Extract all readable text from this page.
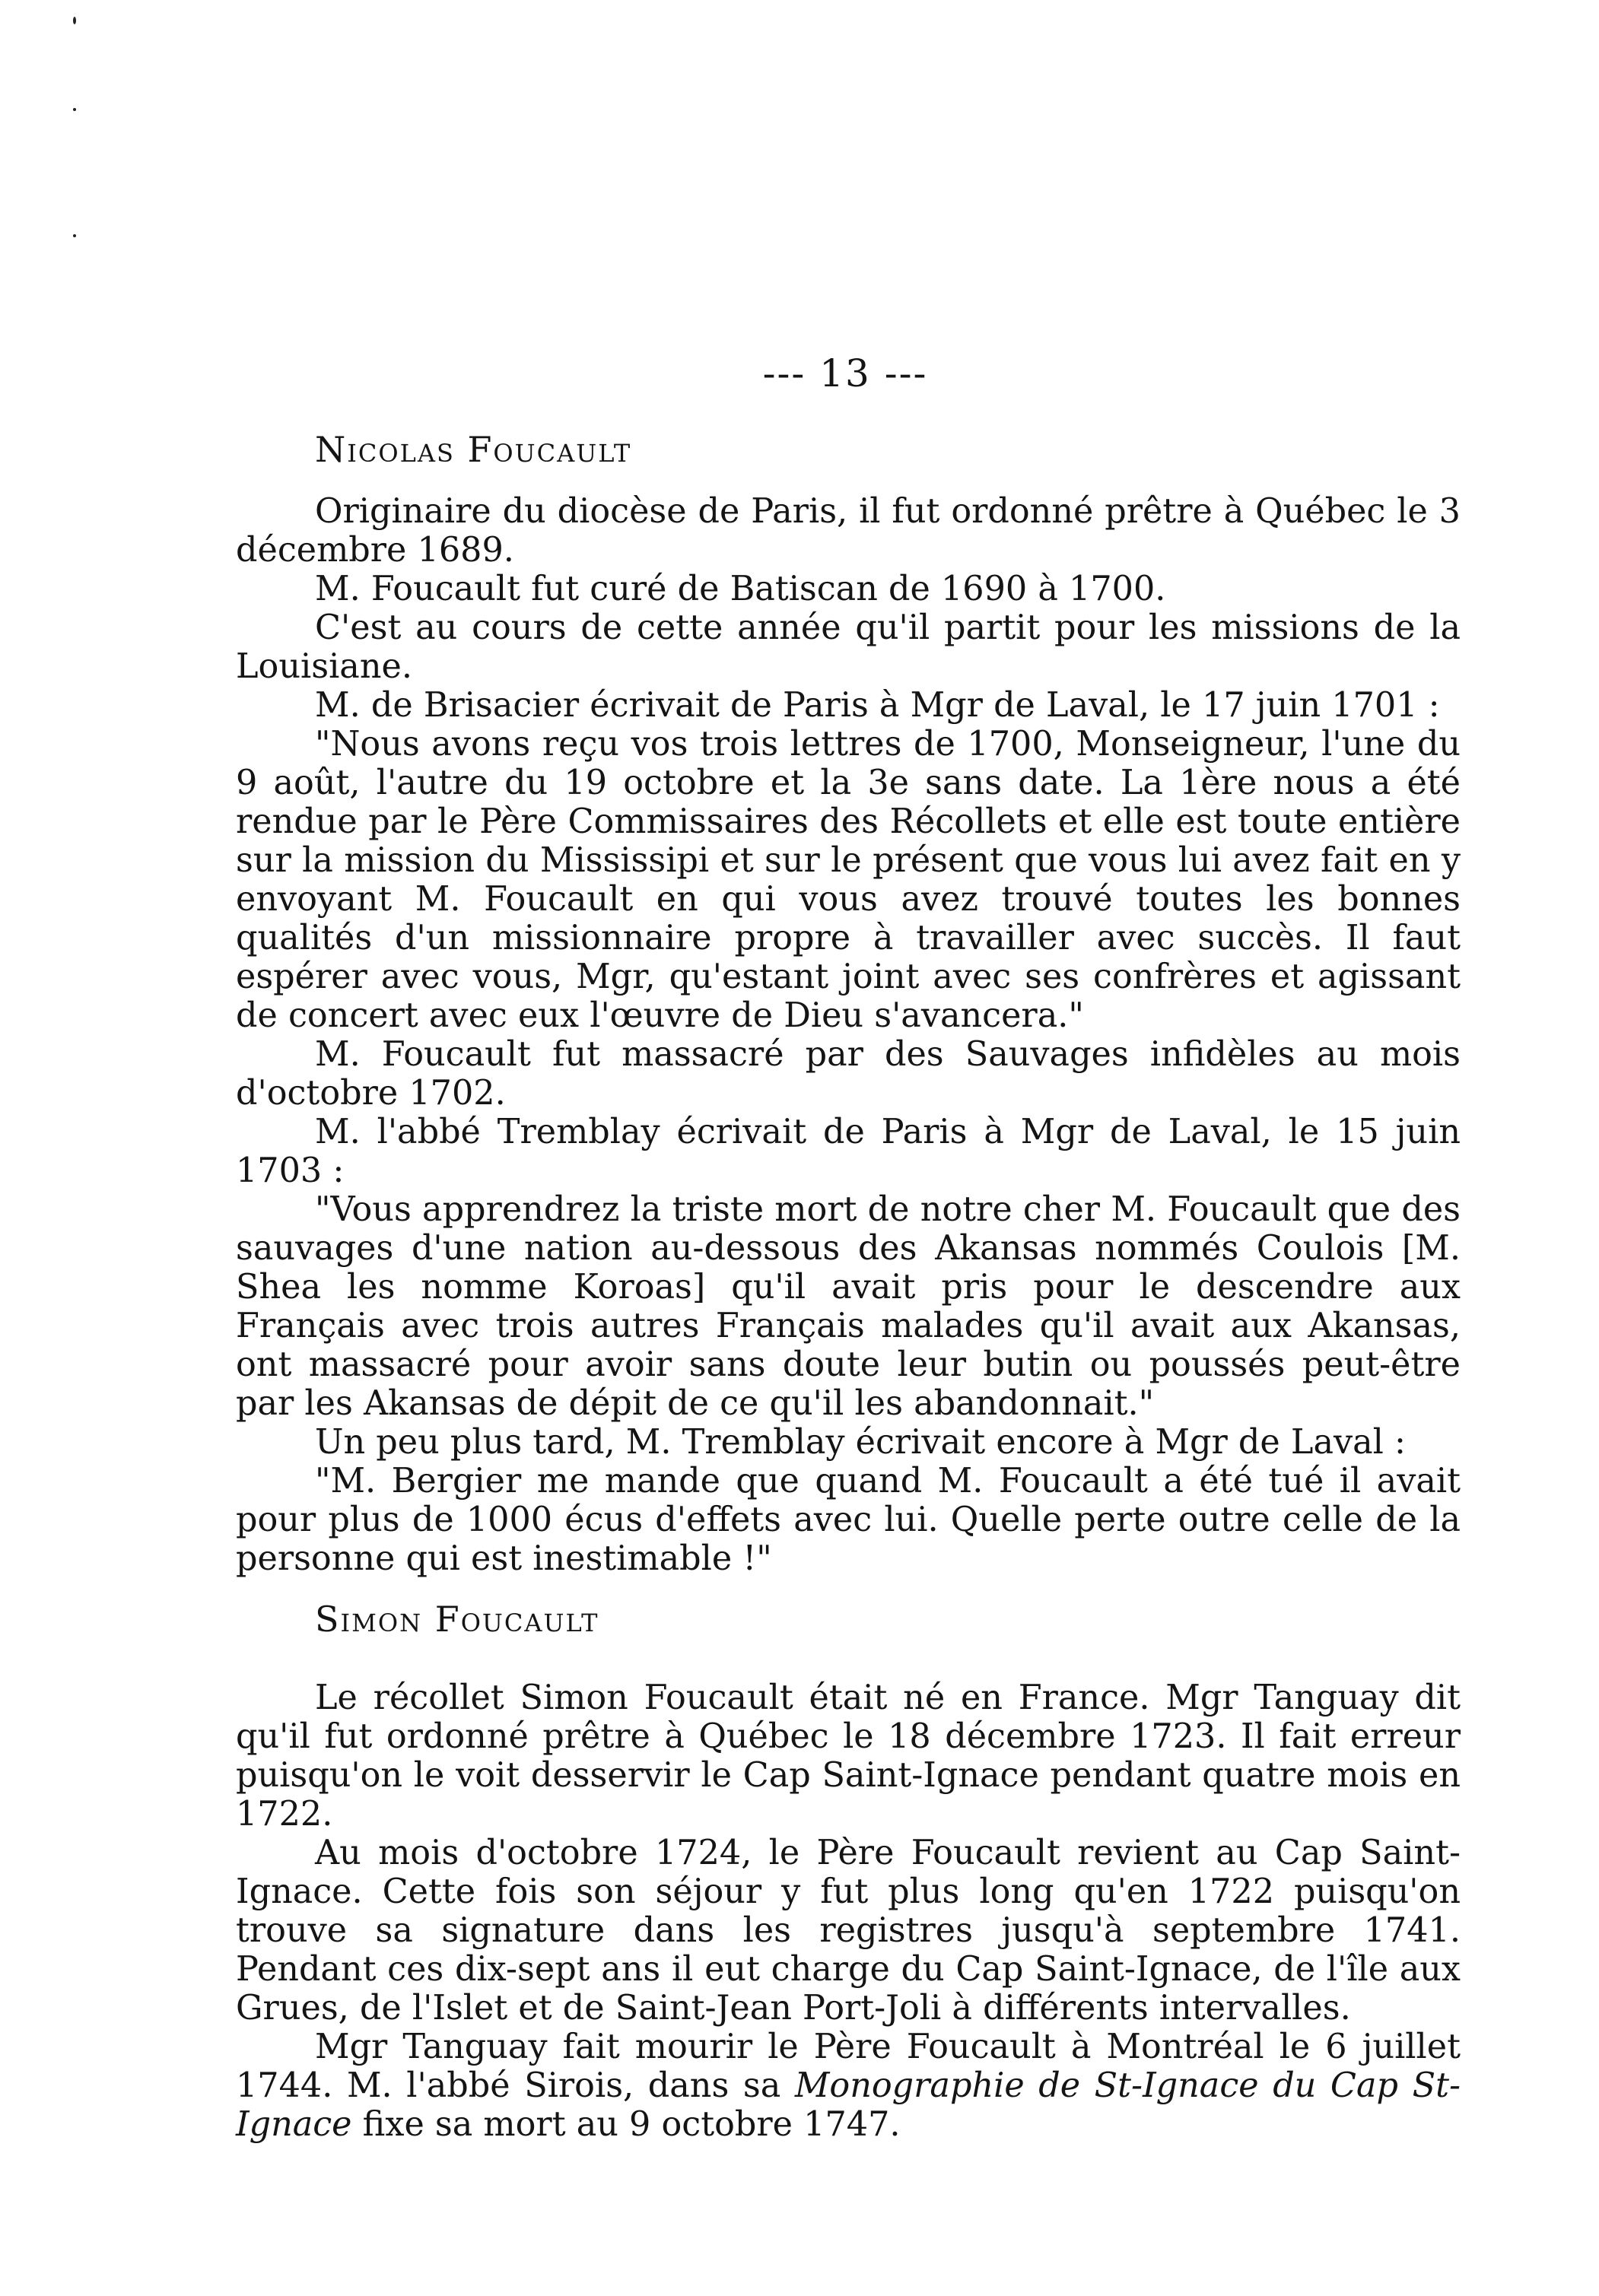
--- 13 ---

Nicolas Foucault

Originaire du diocèse de Paris, il fut ordonné prêtre à Québec le 3 décembre 1689.

M. Foucault fut curé de Batiscan de 1690 à 1700.

C'est au cours de cette année qu'il partit pour les missions de la Louisiane.

M. de Brisacier écrivait de Paris à Mgr de Laval, le 17 juin 1701 :

"Nous avons reçu vos trois lettres de 1700, Monseigneur, l'une du 9 août, l'autre du 19 octobre et la 3e sans date. La 1ère nous a été rendue par le Père Commissaires des Récollets et elle est toute entière sur la mission du Mississipi et sur le présent que vous lui avez fait en y envoyant M. Foucault en qui vous avez trouvé toutes les bonnes qualités d'un missionnaire propre à travailler avec succès. Il faut espérer avec vous, Mgr, qu'estant joint avec ses confrères et agissant de concert avec eux l'œuvre de Dieu s'avancera."

M. Foucault fut massacré par des Sauvages infidèles au mois d'octobre 1702.

M. l'abbé Tremblay écrivait de Paris à Mgr de Laval, le 15 juin 1703 :

"Vous apprendrez la triste mort de notre cher M. Foucault que des sauvages d'une nation au-dessous des Akansas nommés Coulois [M. Shea les nomme Koroas] qu'il avait pris pour le descendre aux Français avec trois autres Français malades qu'il avait aux Akansas, ont massacré pour avoir sans doute leur butin ou poussés peut-être par les Akansas de dépit de ce qu'il les abandonnait."

Un peu plus tard, M. Tremblay écrivait encore à Mgr de Laval :

"M. Bergier me mande que quand M. Foucault a été tué il avait pour plus de 1000 écus d'effets avec lui. Quelle perte outre celle de la personne qui est inestimable !"

Simon Foucault

Le récollet Simon Foucault était né en France. Mgr Tanguay dit qu'il fut ordonné prêtre à Québec le 18 décembre 1723. Il fait erreur puisqu'on le voit desservir le Cap Saint-Ignace pendant quatre mois en 1722.

Au mois d'octobre 1724, le Père Foucault revient au Cap Saint-Ignace. Cette fois son séjour y fut plus long qu'en 1722 puisqu'on trouve sa signature dans les registres jusqu'à septembre 1741. Pendant ces dix-sept ans il eut charge du Cap Saint-Ignace, de l'île aux Grues, de l'Islet et de Saint-Jean Port-Joli à différents intervalles.

Mgr Tanguay fait mourir le Père Foucault à Montréal le 6 juillet 1744. M. l'abbé Sirois, dans sa Monographie de St-Ignace du Cap St-Ignace fixe sa mort au 9 octobre 1747.
